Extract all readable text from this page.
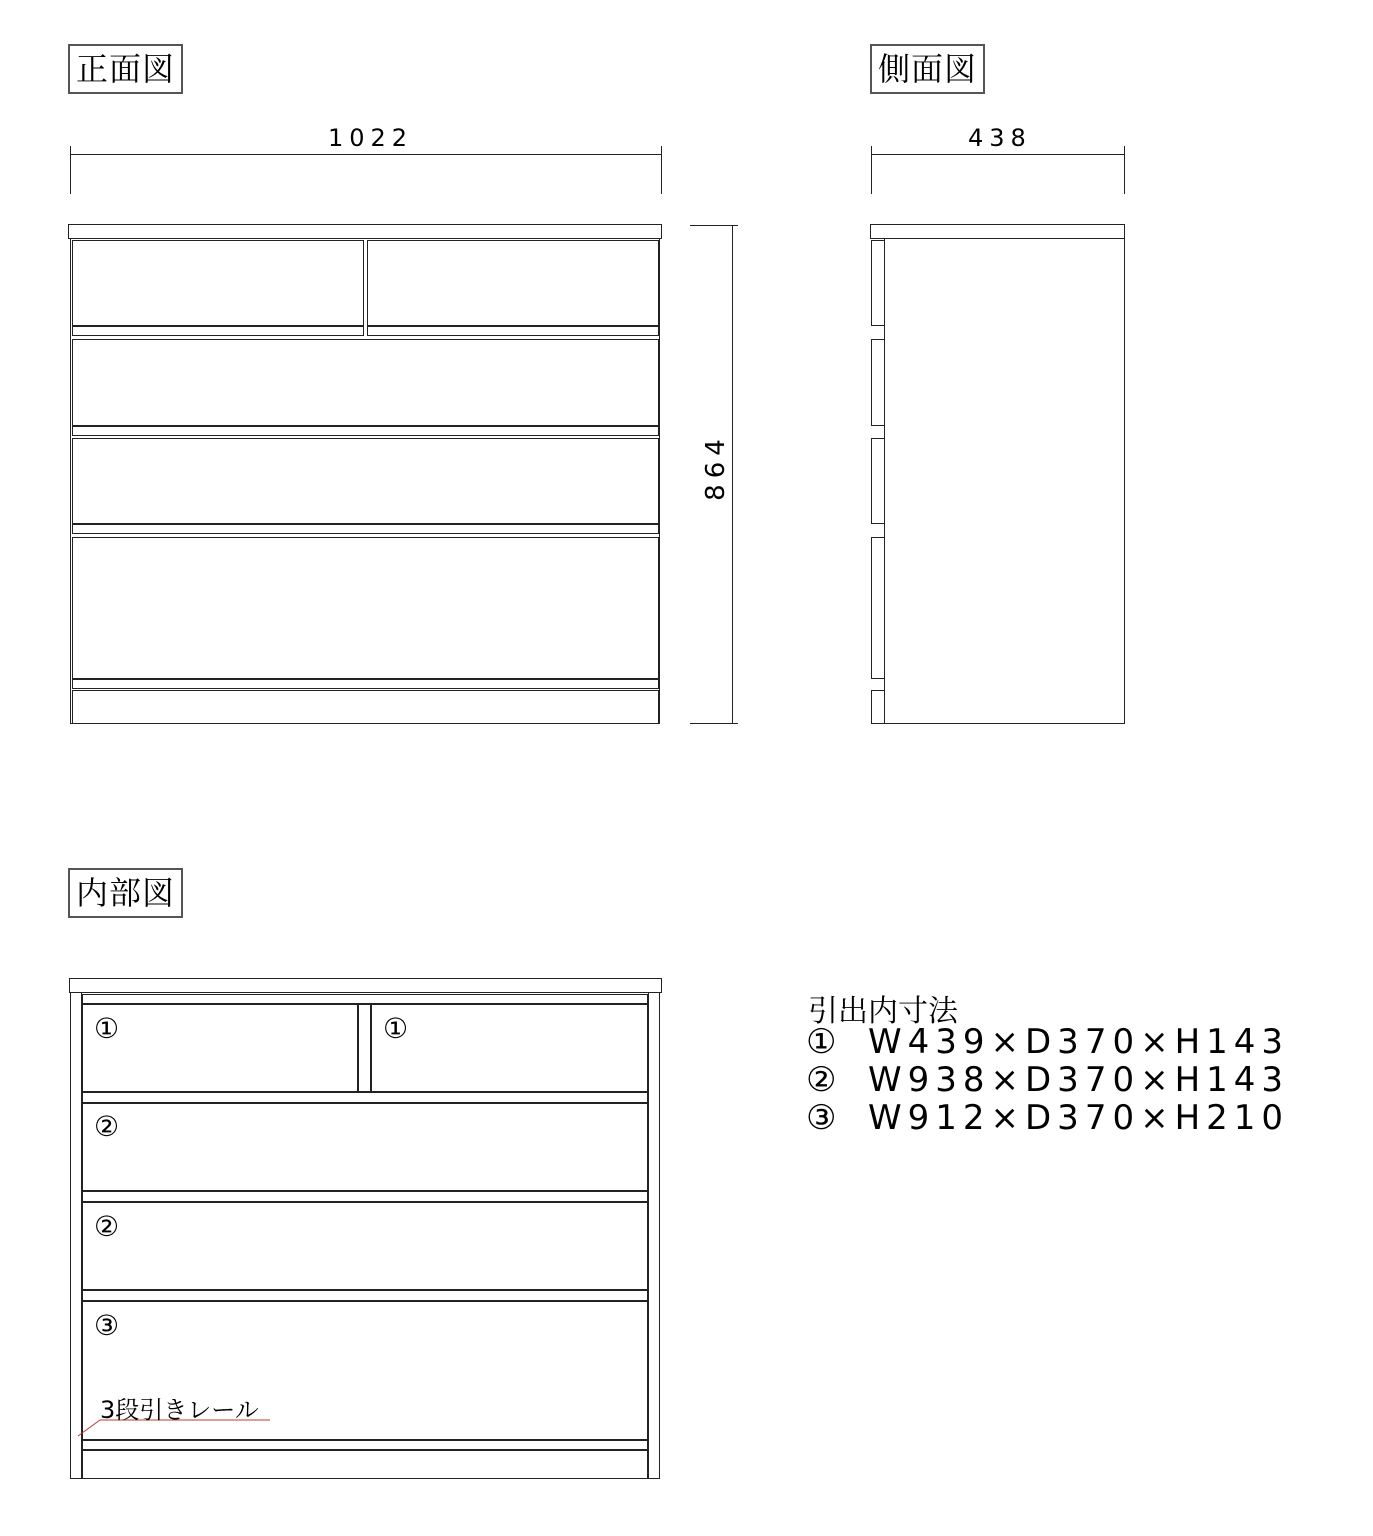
正面図
1022
864
側面図
438
内部図
①	①
②
②
③
3段引きレール
引出内寸法
① W439×D370×H143
② W938×D370×H143
③ W912×D370×H210
